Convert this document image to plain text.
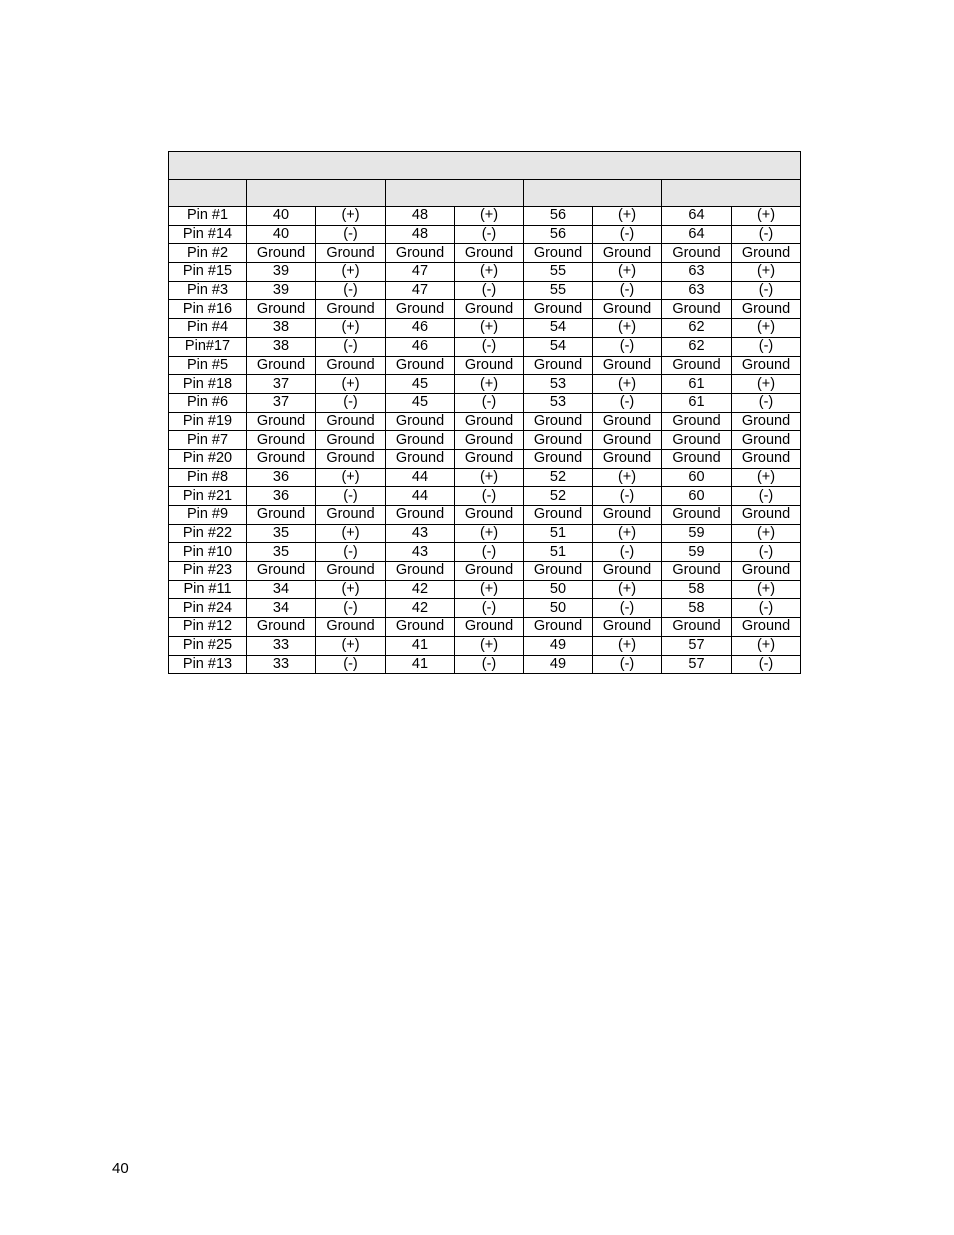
Pin #1	40	(+)	48	(+)	56	(+)	64	(+)
Pin #14	40	(-)	48	(-)	56	(-)	64	(-)
Pin #2	Ground	Ground	Ground	Ground	Ground	Ground	Ground	Ground
Pin #15	39	(+)	47	(+)	55	(+)	63	(+)
Pin #3	39	(-)	47	(-)	55	(-)	63	(-)
Pin #16	Ground	Ground	Ground	Ground	Ground	Ground	Ground	Ground
Pin #4	38	(+)	46	(+)	54	(+)	62	(+)
Pin#17	38	(-)	46	(-)	54	(-)	62	(-)
Pin #5	Ground	Ground	Ground	Ground	Ground	Ground	Ground	Ground
Pin #18	37	(+)	45	(+)	53	(+)	61	(+)
Pin #6	37	(-)	45	(-)	53	(-)	61	(-)
Pin #19	Ground	Ground	Ground	Ground	Ground	Ground	Ground	Ground
Pin #7	Ground	Ground	Ground	Ground	Ground	Ground	Ground	Ground
Pin #20	Ground	Ground	Ground	Ground	Ground	Ground	Ground	Ground
Pin #8	36	(+)	44	(+)	52	(+)	60	(+)
Pin #21	36	(-)	44	(-)	52	(-)	60	(-)
Pin #9	Ground	Ground	Ground	Ground	Ground	Ground	Ground	Ground
Pin #22	35	(+)	43	(+)	51	(+)	59	(+)
Pin #10	35	(-)	43	(-)	51	(-)	59	(-)
Pin #23	Ground	Ground	Ground	Ground	Ground	Ground	Ground	Ground
Pin #11	34	(+)	42	(+)	50	(+)	58	(+)
Pin #24	34	(-)	42	(-)	50	(-)	58	(-)
Pin #12	Ground	Ground	Ground	Ground	Ground	Ground	Ground	Ground
Pin #25	33	(+)	41	(+)	49	(+)	57	(+)
Pin #13	33	(-)	41	(-)	49	(-)	57	(-)
40
